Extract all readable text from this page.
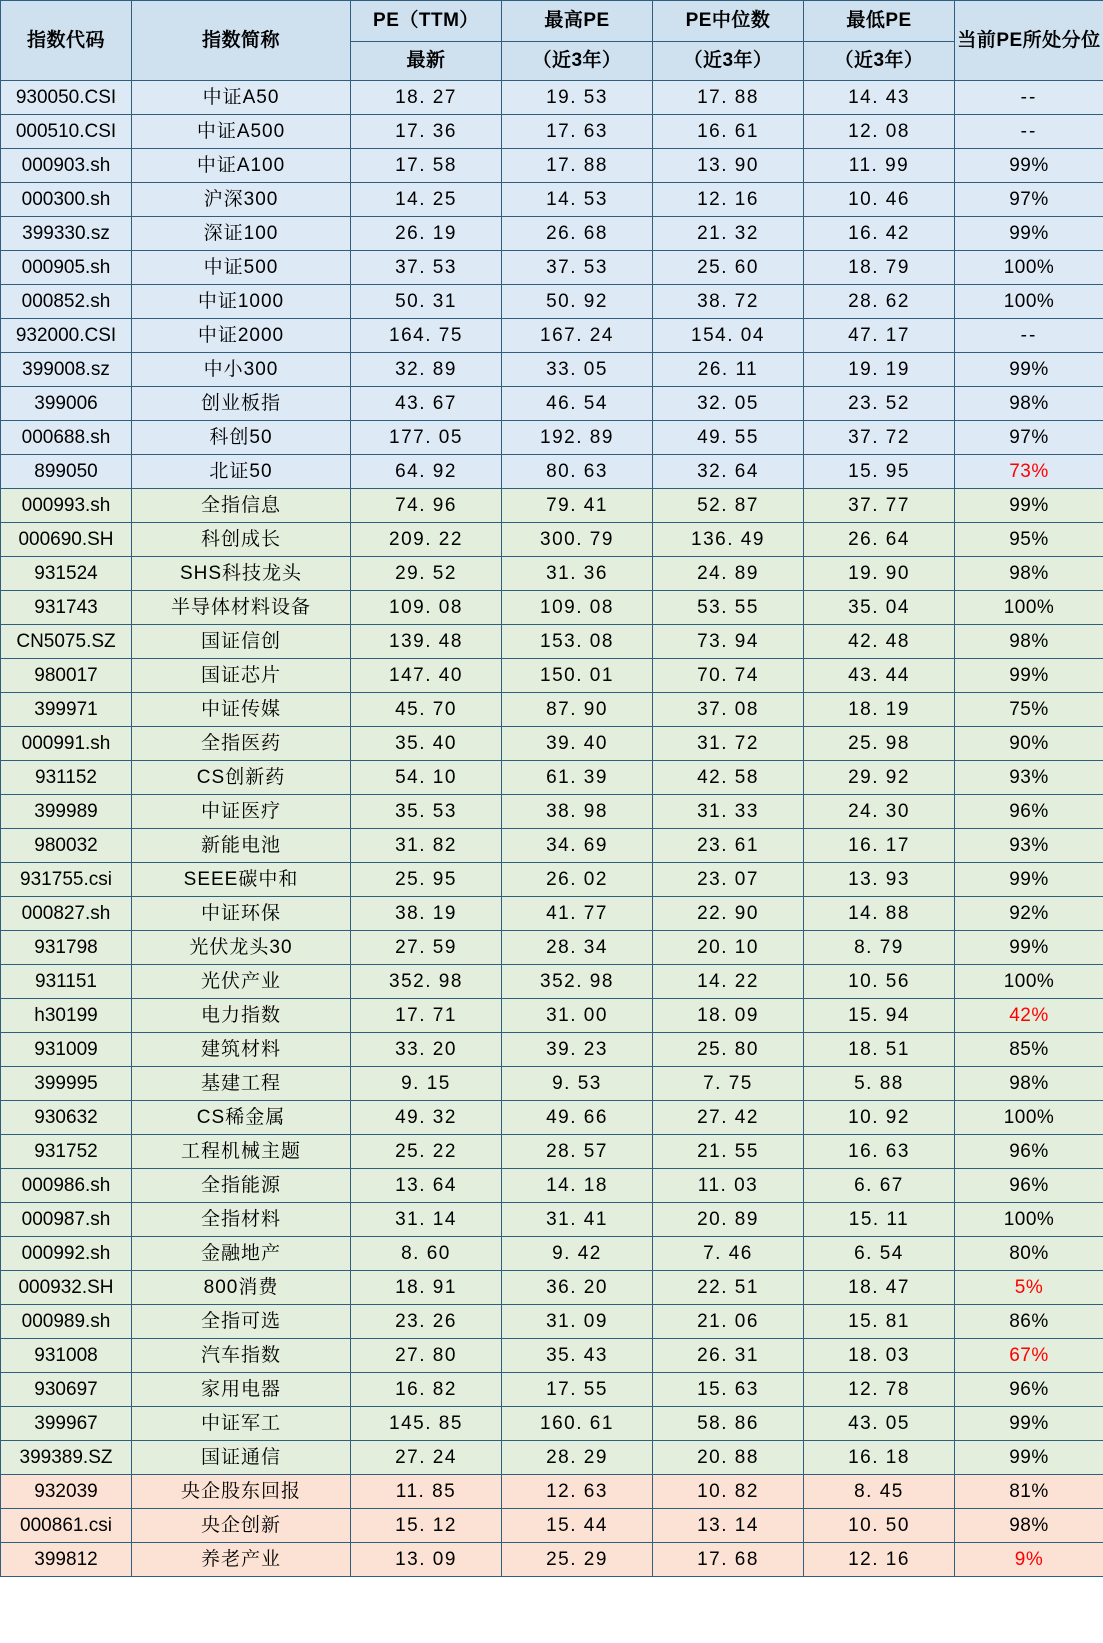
指数代码	指数简称	PE（TTM）	最高PE	PE中位数	最低PE	当前PE所处分位
		最新	（近3年）	（近3年）	（近3年）	
930050.CSI	中证A50	18. 27	19. 53	17. 88	14. 43	--
000510.CSI	中证A500	17. 36	17. 63	16. 61	12. 08	--
000903.sh	中证A100	17. 58	17. 88	13. 90	11. 99	99%
000300.sh	沪深300	14. 25	14. 53	12. 16	10. 46	97%
399330.sz	深证100	26. 19	26. 68	21. 32	16. 42	99%
000905.sh	中证500	37. 53	37. 53	25. 60	18. 79	100%
000852.sh	中证1000	50. 31	50. 92	38. 72	28. 62	100%
932000.CSI	中证2000	164. 75	167. 24	154. 04	47. 17	--
399008.sz	中小300	32. 89	33. 05	26. 11	19. 19	99%
399006	创业板指	43. 67	46. 54	32. 05	23. 52	98%
000688.sh	科创50	177. 05	192. 89	49. 55	37. 72	97%
899050	北证50	64. 92	80. 63	32. 64	15. 95	73%
000993.sh	全指信息	74. 96	79. 41	52. 87	37. 77	99%
000690.SH	科创成长	209. 22	300. 79	136. 49	26. 64	95%
931524	SHS科技龙头	29. 52	31. 36	24. 89	19. 90	98%
931743	半导体材料设备	109. 08	109. 08	53. 55	35. 04	100%
CN5075.SZ	国证信创	139. 48	153. 08	73. 94	42. 48	98%
980017	国证芯片	147. 40	150. 01	70. 74	43. 44	99%
399971	中证传媒	45. 70	87. 90	37. 08	18. 19	75%
000991.sh	全指医药	35. 40	39. 40	31. 72	25. 98	90%
931152	CS创新药	54. 10	61. 39	42. 58	29. 92	93%
399989	中证医疗	35. 53	38. 98	31. 33	24. 30	96%
980032	新能电池	31. 82	34. 69	23. 61	16. 17	93%
931755.csi	SEEE碳中和	25. 95	26. 02	23. 07	13. 93	99%
000827.sh	中证环保	38. 19	41. 77	22. 90	14. 88	92%
931798	光伏龙头30	27. 59	28. 34	20. 10	8. 79	99%
931151	光伏产业	352. 98	352. 98	14. 22	10. 56	100%
h30199	电力指数	17. 71	31. 00	18. 09	15. 94	42%
931009	建筑材料	33. 20	39. 23	25. 80	18. 51	85%
399995	基建工程	9. 15	9. 53	7. 75	5. 88	98%
930632	CS稀金属	49. 32	49. 66	27. 42	10. 92	100%
931752	工程机械主题	25. 22	28. 57	21. 55	16. 63	96%
000986.sh	全指能源	13. 64	14. 18	11. 03	6. 67	96%
000987.sh	全指材料	31. 14	31. 41	20. 89	15. 11	100%
000992.sh	金融地产	8. 60	9. 42	7. 46	6. 54	80%
000932.SH	800消费	18. 91	36. 20	22. 51	18. 47	5%
000989.sh	全指可选	23. 26	31. 09	21. 06	15. 81	86%
931008	汽车指数	27. 80	35. 43	26. 31	18. 03	67%
930697	家用电器	16. 82	17. 55	15. 63	12. 78	96%
399967	中证军工	145. 85	160. 61	58. 86	43. 05	99%
399389.SZ	国证通信	27. 24	28. 29	20. 88	16. 18	99%
932039	央企股东回报	11. 85	12. 63	10. 82	8. 45	81%
000861.csi	央企创新	15. 12	15. 44	13. 14	10. 50	98%
399812	养老产业	13. 09	25. 29	17. 68	12. 16	9%
